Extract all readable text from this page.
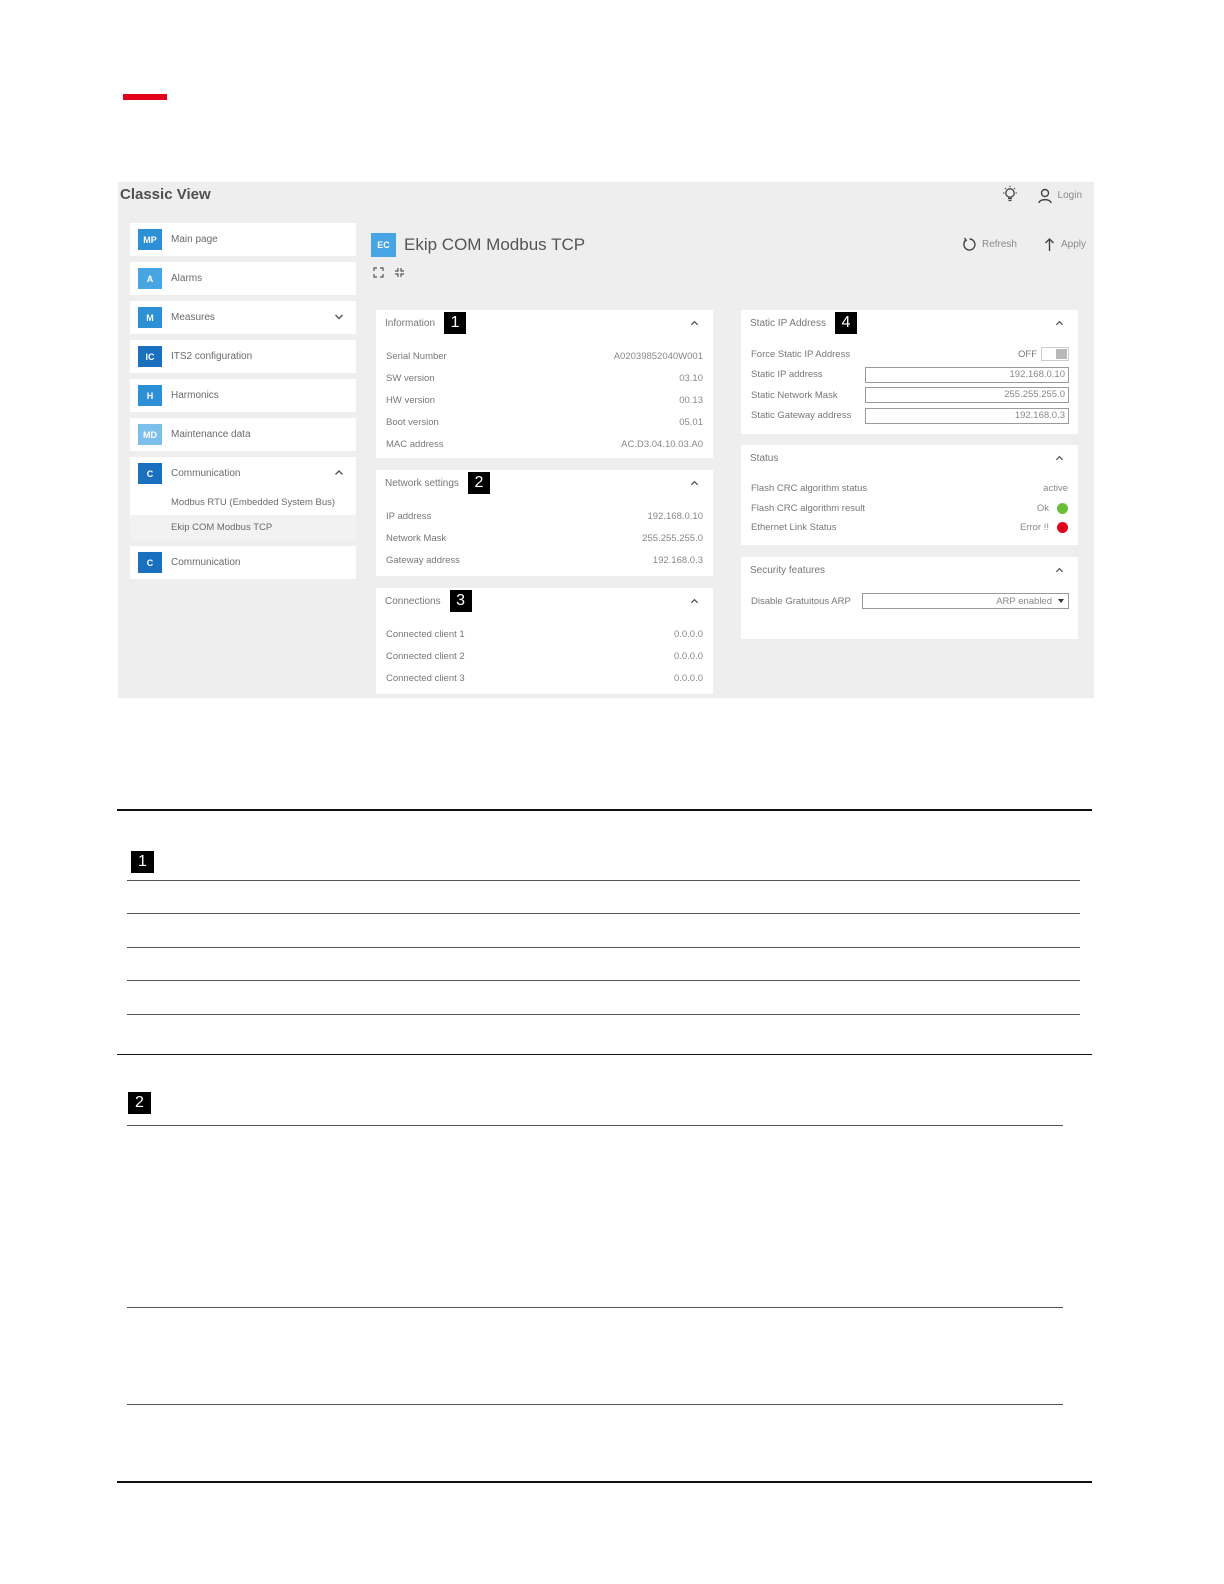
Classic View	Login
MP	Main page
A	Alarms
M	Measures
IC	ITS2 configuration
H	Harmonics
MD	Maintenance data
C	Communication
Modbus RTU (Embedded System Bus)
Ekip COM Modbus TCP
C	Communication
EC Ekip COM Modbus TCP	Refresh	Apply
Information 1
Serial Number	A02039852040W001
SW version	03.10
HW version	00.13
Boot version	05.01
MAC address	AC.D3.04.10.03.A0
Network settings 2
IP address	192.168.0.10
Network Mask	255.255.255.0
Gateway address	192.168.0.3
Connections 3
Connected client 1	0.0.0.0
Connected client 2	0.0.0.0
Connected client 3	0.0.0.0
Static IP Address 4
Force Static IP Address	OFF
Static IP address	192.168.0.10
Static Network Mask	255.255.255.0
Static Gateway address	192.168.0.3
Status
Flash CRC algorithm status	active
Flash CRC algorithm result	Ok
Ethernet Link Status	Error !!
Security features
Disable Gratuitous ARP	ARP enabled
1
2
